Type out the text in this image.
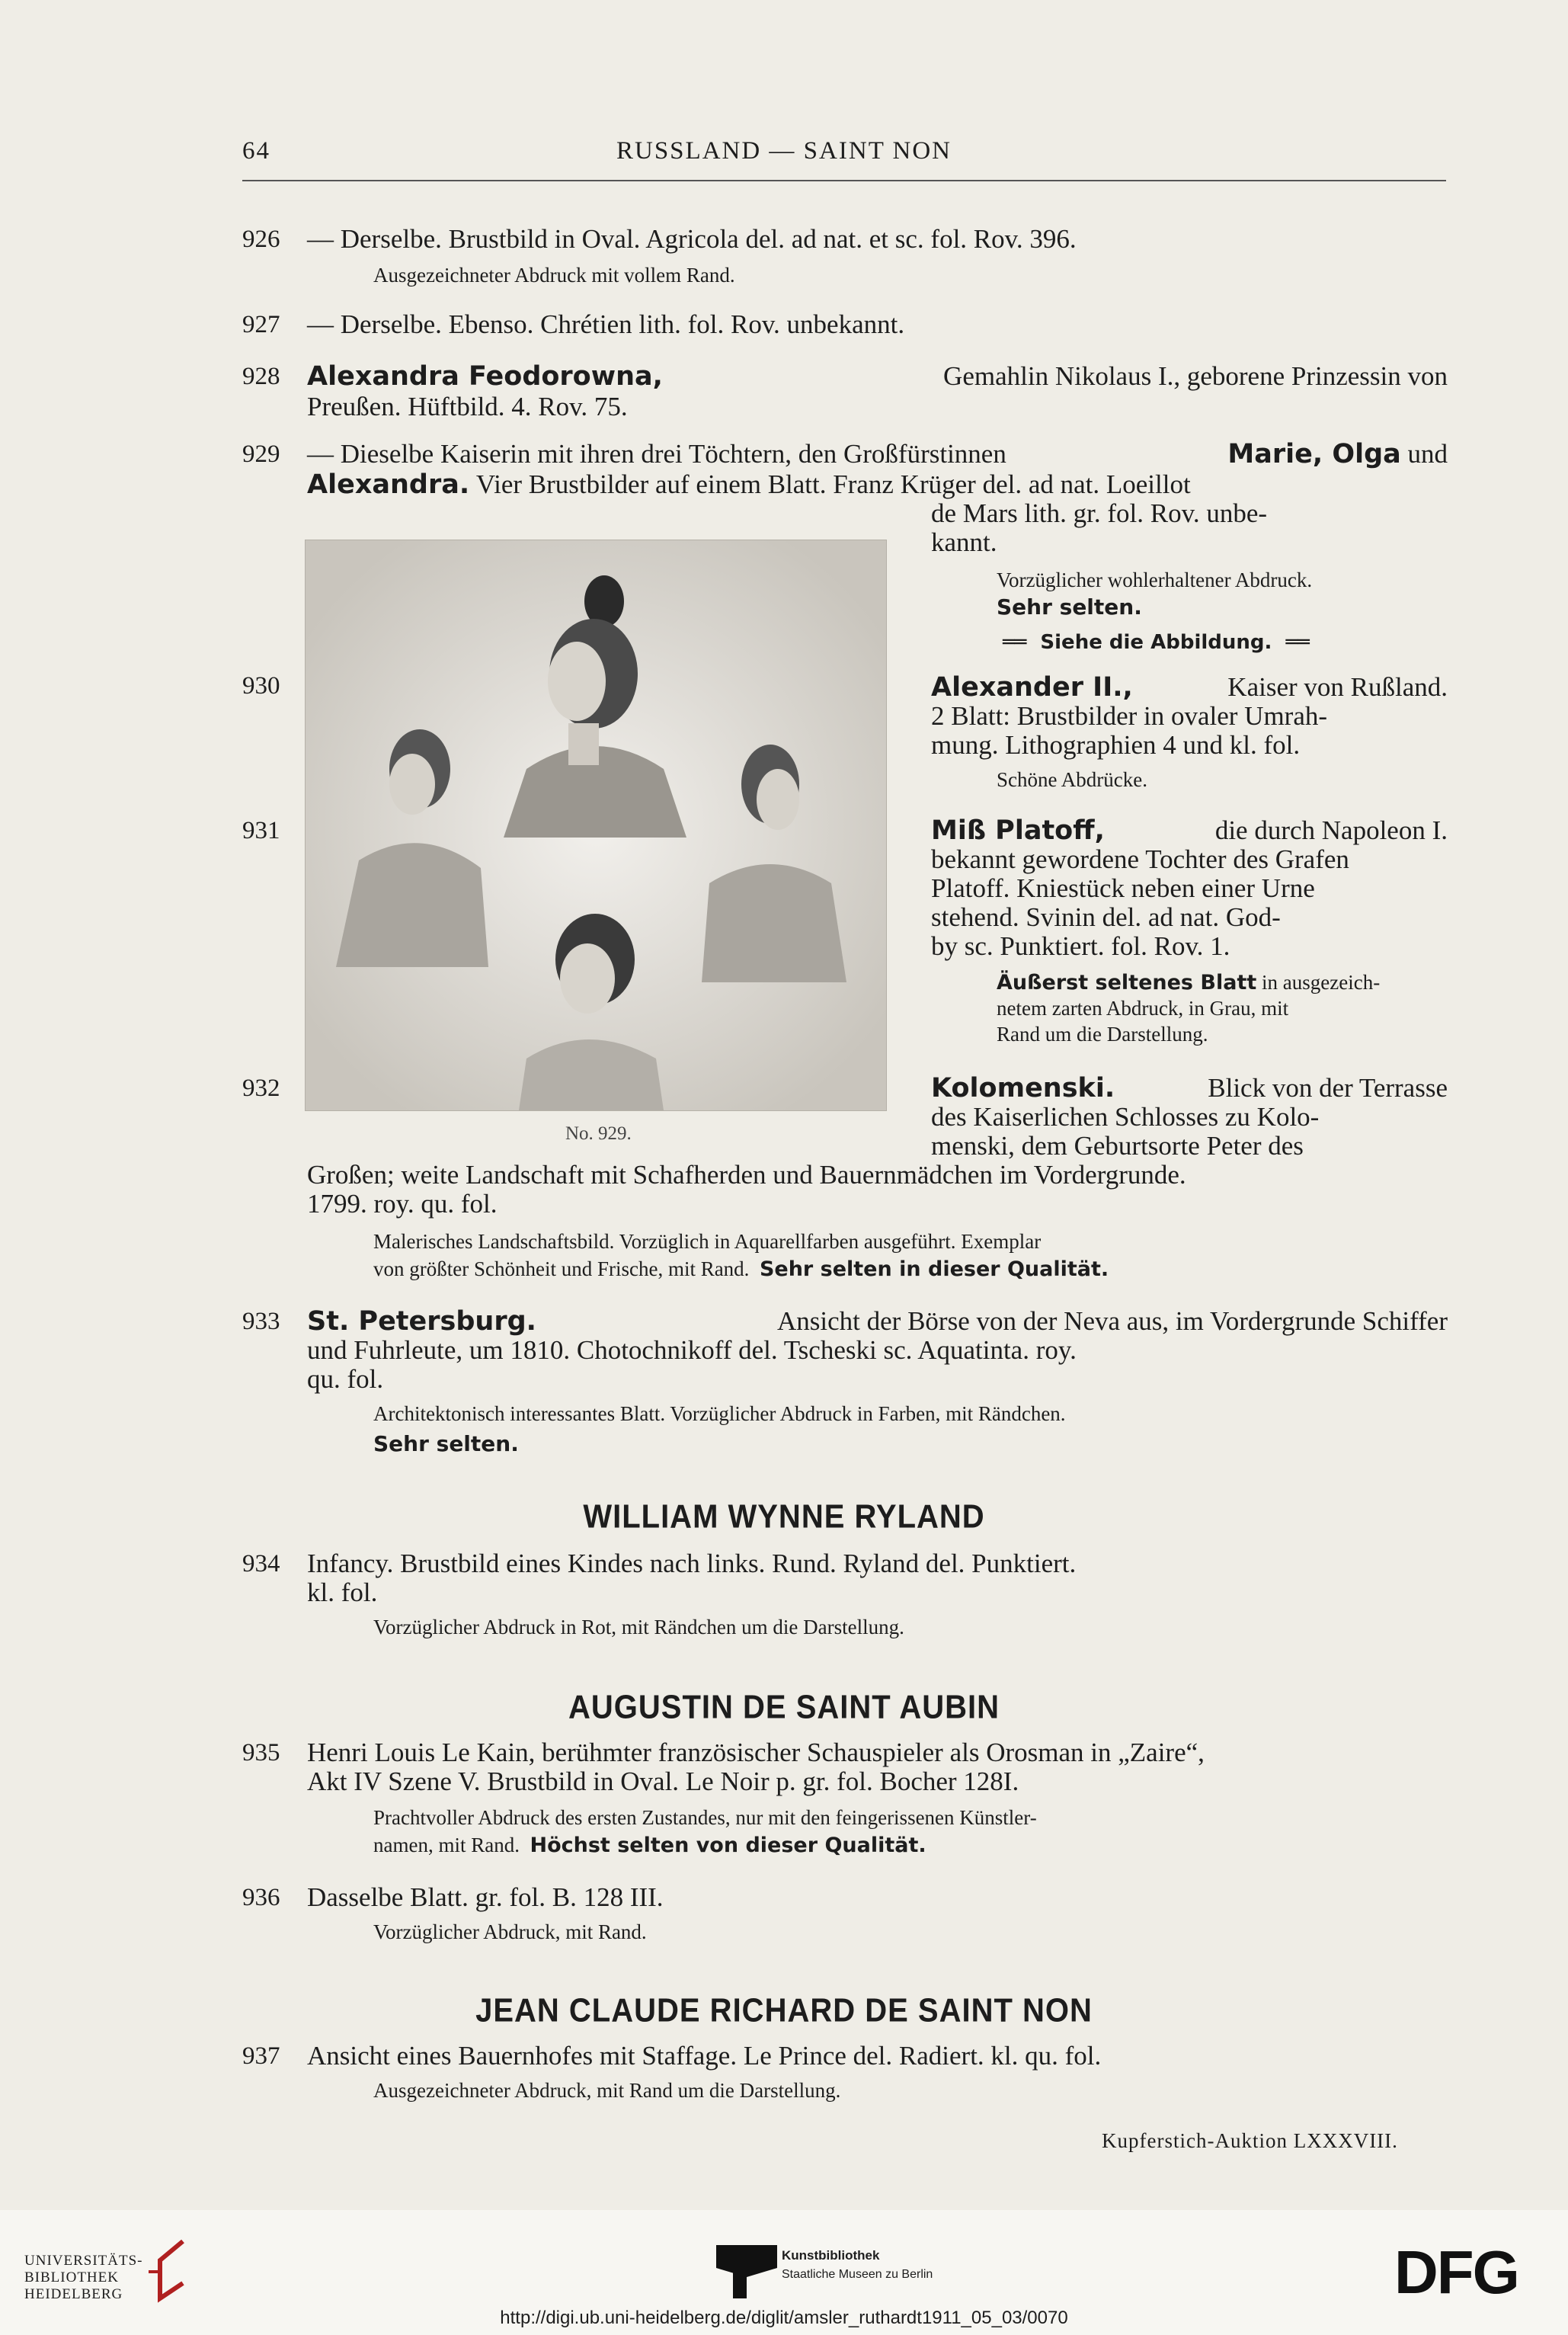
64	RUSSLAND — SAINT NON
926	— Derselbe. Brustbild in Oval. Agricola del. ad nat. et sc. fol. Rov. 396.
Ausgezeichneter Abdruck mit vollem Rand.
927	— Derselbe. Ebenso. Chrétien lith. fol. Rov. unbekannt.
928	Alexandra Feodorowna,	Gemahlin Nikolaus I., geborene Prinzessin von
Preußen. Hüftbild. 4. Rov. 75.
929	— Dieselbe Kaiserin mit ihren drei Töchtern, den Großfürstinnen	Marie, Olga und
Alexandra.
Vier Brustbilder auf einem Blatt. Franz Krüger del. ad nat. Loeillot
de Mars lith. gr. fol. Rov. unbe-
kannt.
Vorzüglicher wohlerhaltener Abdruck.
Sehr selten.
══ Siehe die Abbildung. ══
No. 929.
930	Alexander II.,	Kaiser von Rußland.
2 Blatt: Brustbilder in ovaler Umrah-
mung. Lithographien 4 und kl. fol.
Schöne Abdrücke.
931	Miß Platoff,	die durch Napoleon I.
bekannt gewordene Tochter des Grafen
Platoff. Kniestück neben einer Urne
stehend. Svinin del. ad nat. God-
by sc. Punktiert. fol. Rov. 1.
Äußerst seltenes Blatt in ausgezeich-
netem zarten Abdruck, in Grau, mit
Rand um die Darstellung.
932	Kolomenski.	Blick von der Terrasse
des Kaiserlichen Schlosses zu Kolo-
menski, dem Geburtsorte Peter des
Großen; weite Landschaft mit Schafherden und Bauernmädchen im Vordergrunde.
1799. roy. qu. fol.
Malerisches Landschaftsbild. Vorzüglich in Aquarellfarben ausgeführt. Exemplar
von größter Schönheit und Frische, mit Rand. Sehr selten in dieser Qualität.
933	St. Petersburg.	Ansicht der Börse von der Neva aus, im Vordergrunde Schiffer
und Fuhrleute, um 1810. Chotochnikoff del. Tscheski sc. Aquatinta. roy.
qu. fol.
Architektonisch interessantes Blatt. Vorzüglicher Abdruck in Farben, mit Rändchen.
Sehr selten.
WILLIAM WYNNE RYLAND
934	Infancy. Brustbild eines Kindes nach links. Rund. Ryland del. Punktiert.
kl. fol.
Vorzüglicher Abdruck in Rot, mit Rändchen um die Darstellung.
AUGUSTIN DE SAINT AUBIN
935	Henri Louis Le Kain, berühmter französischer Schauspieler als Orosman in „Zaire“,
Akt IV Szene V. Brustbild in Oval. Le Noir p. gr. fol. Bocher 128I.
Prachtvoller Abdruck des ersten Zustandes, nur mit den feingerissenen Künstler-
namen, mit Rand. Höchst selten von dieser Qualität.
936	Dasselbe Blatt. gr. fol. B. 128 III.
Vorzüglicher Abdruck, mit Rand.
JEAN CLAUDE RICHARD DE SAINT NON
937	Ansicht eines Bauernhofes mit Staffage. Le Prince del. Radiert. kl. qu. fol.
Ausgezeichneter Abdruck, mit Rand um die Darstellung.
Kupferstich-Auktion LXXXVIII.
UNIVERSITÄTS-
BIBLIOTHEK
HEIDELBERG
Kunstbibliothek
Staatliche Museen zu Berlin	DFG
http://digi.ub.uni-heidelberg.de/diglit/amsler_ruthardt1911_05_03/0070
